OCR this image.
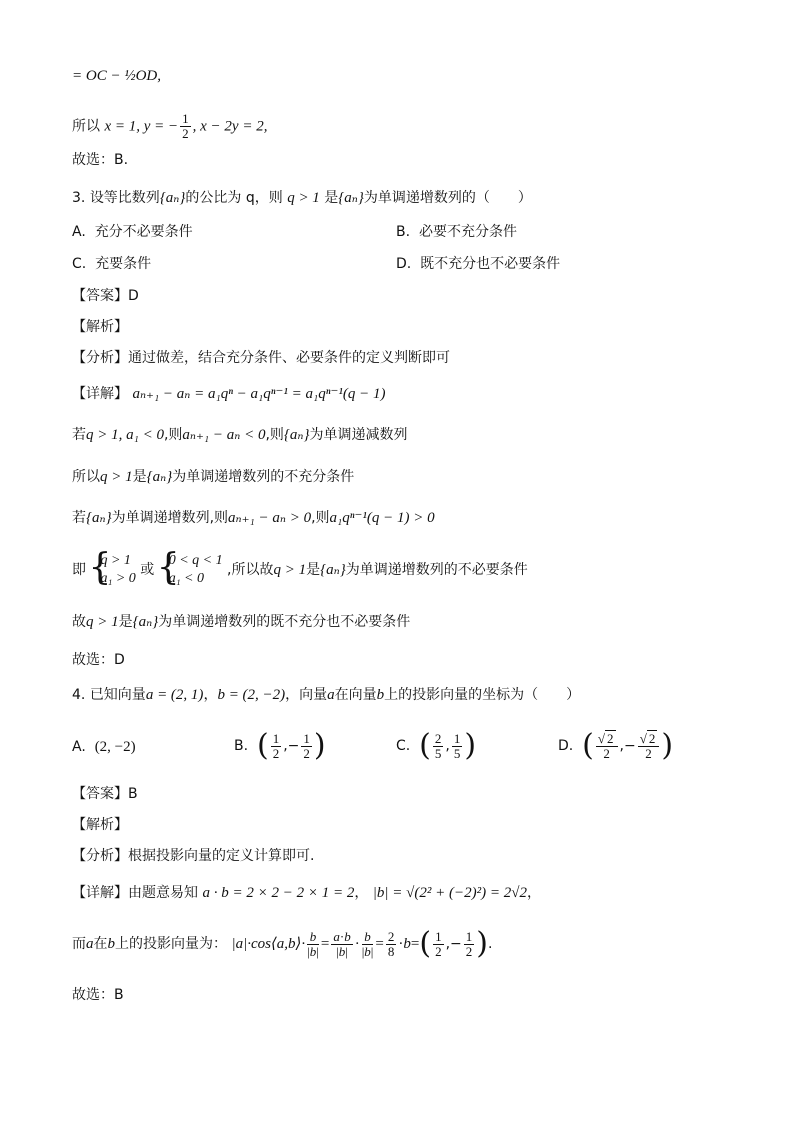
= OC − ½OD,
所以 x = 1, y = − $\frac{1}{2}$ , x − 2y = 2,
故选：B.
3. 设等比数列{aₙ}的公比为 q，则 q > 1 是{aₙ}为单调递增数列的（　　）
A. 充分不必要条件	B. 必要不充分条件
C. 充要条件	D. 既不充分也不必要条件
【答案】D
【解析】
【分析】通过做差，结合充分条件、必要条件的定义判断即可
【详解】 aₙ₊₁ − aₙ = a₁qⁿ − a₁qⁿ⁻¹ = a₁qⁿ⁻¹(q − 1)
若q > 1, a₁ < 0,则aₙ₊₁ − aₙ < 0,则{aₙ}为单调递减数列
所以q > 1是{aₙ}为单调递增数列的不充分条件
若{aₙ}为单调递增数列,则aₙ₊₁ − aₙ > 0,则a₁qⁿ⁻¹(q − 1) > 0
即
{ q > 1
a₁ > 0
或
{ 0 < q < 1
a₁ < 0
,所以故q > 1是{aₙ}为单调递增数列的不必要条件
故q > 1是{aₙ}为单调递增数列的既不充分也不必要条件
故选：D
4. 已知向量a = (2, 1)，b = (2, −2)，向量a在向量b上的投影向量的坐标为（　　）
A. (2, −2)	B. ( $\frac{1}{2}$ ,− $\frac{1}{2}$ )	C. ( $\frac{2}{5}$ , $\frac{1}{5}$ )	D. ( $\frac{√ 2}{2}$ ,− $\frac{√ 2}{2}$ )
【答案】B
【解析】
【分析】根据投影向量的定义计算即可.
【详解】由题意易知 a · b = 2 × 2 − 2 × 1 = 2， |b| = √(2² + (−2)²) = 2√2，
而a在b上的投影向量为： |a|·cos⟨a,b⟩· $\frac{b}{|b|} = \frac{a\cdot b}{|b|} \cdot \frac{b}{|b|} = \frac{2}{8} \cdot b=( \frac{1}{2}$ ,− $\frac{1}{2}$ ).
故选：B
